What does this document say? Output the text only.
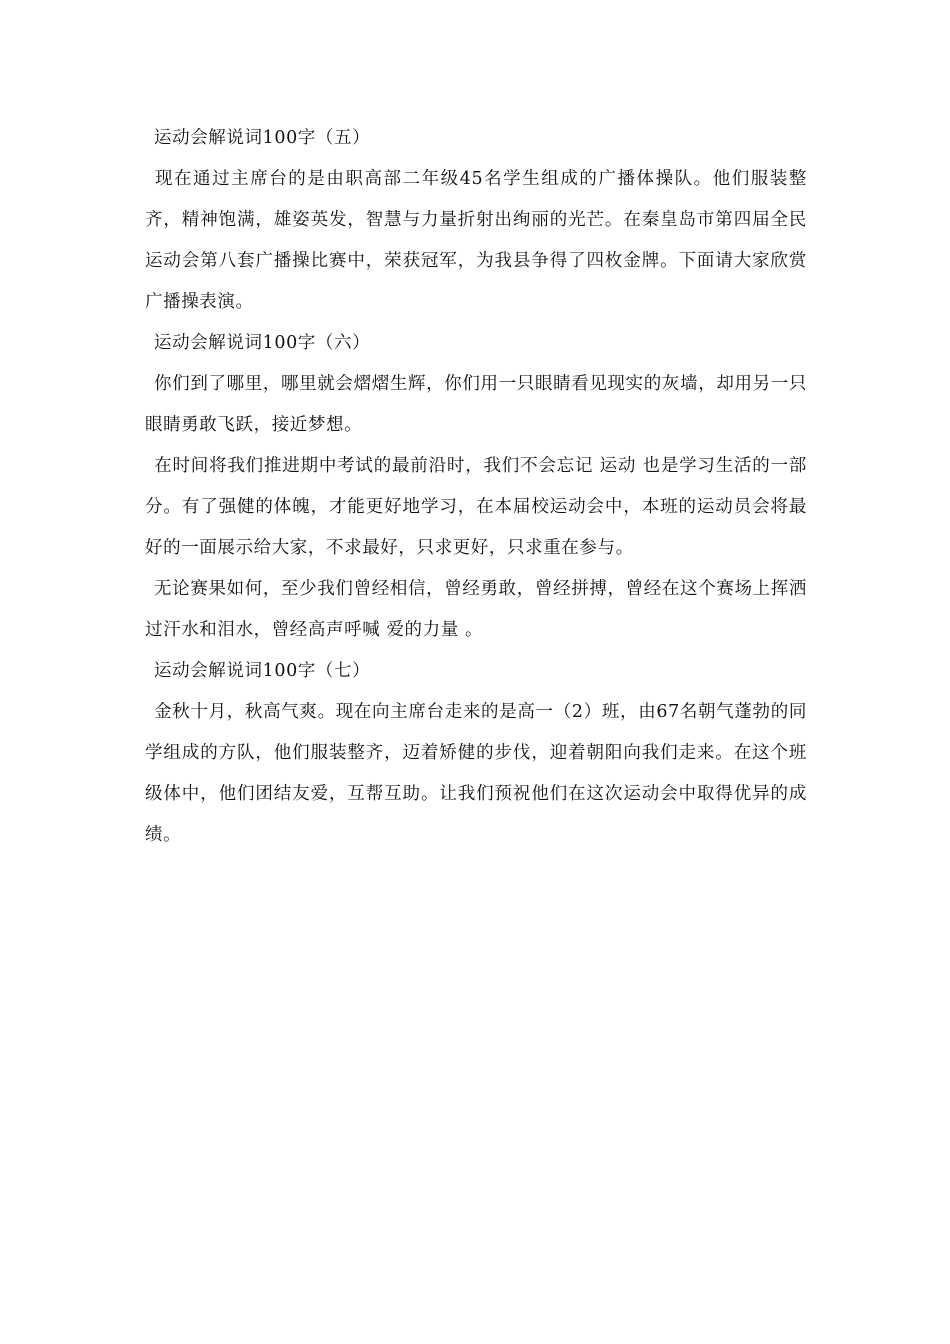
运动会解说词100字（五）

现在通过主席台的是由职高部二年级45名学生组成的广播体操队。他们服装整齐，精神饱满，雄姿英发，智慧与力量折射出绚丽的光芒。在秦皇岛市第四届全民运动会第八套广播操比赛中，荣获冠军，为我县争得了四枚金牌。下面请大家欣赏广播操表演。

运动会解说词100字（六）

你们到了哪里，哪里就会熠熠生辉，你们用一只眼睛看见现实的灰墙，却用另一只眼睛勇敢飞跃，接近梦想。

在时间将我们推进期中考试的最前沿时，我们不会忘记 运动 也是学习生活的一部分。有了强健的体魄，才能更好地学习，在本届校运动会中，本班的运动员会将最好的一面展示给大家，不求最好，只求更好，只求重在参与。

无论赛果如何，至少我们曾经相信，曾经勇敢，曾经拼搏，曾经在这个赛场上挥洒过汗水和泪水，曾经高声呼喊 爱的力量 。

运动会解说词100字（七）

金秋十月，秋高气爽。现在向主席台走来的是高一（2）班，由67名朝气蓬勃的同学组成的方队，他们服装整齐，迈着矫健的步伐，迎着朝阳向我们走来。在这个班级体中，他们团结友爱，互帮互助。让我们预祝他们在这次运动会中取得优异的成绩。
